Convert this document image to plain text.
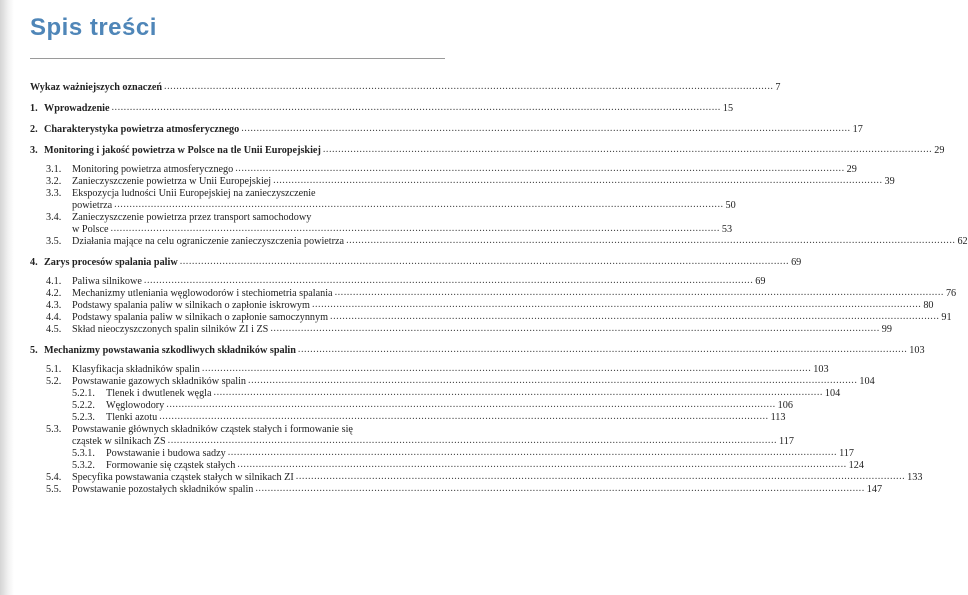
Spis treści
Wykaz ważniejszych oznaczeń .....	7
1. Wprowadzenie .....	15
2. Charakterystyka powietrza atmosferycznego .....	17
3. Monitoring i jakość powietrza w Polsce na tle Unii Europejskiej .....	29
3.1.	Monitoring powietrza atmosferycznego .....	29
3.2.	Zanieczyszczenie powietrza w Unii Europejskiej .....	39
3.3.	Ekspozycja ludności Unii Europejskiej na zanieczyszczenie
powietrza .....	50
3.4.	Zanieczyszczenie powietrza przez transport samochodowy
w Polsce .....	53
3.5.	Działania mające na celu ograniczenie zanieczyszczenia powietrza .....	62
4. Zarys procesów spalania paliw .....	69
4.1.	Paliwa silnikowe .....	69
4.2.	Mechanizmy utleniania węglowodorów i stechiometria spalania .....	76
4.3.	Podstawy spalania paliw w silnikach o zapłonie iskrowym .....	80
4.4.	Podstawy spalania paliw w silnikach o zapłonie samoczynnym .....	91
4.5.	Skład nieoczyszczonych spalin silników ZI i ZS .....	99
5. Mechanizmy powstawania szkodliwych składników spalin .....	103
5.1.	Klasyfikacja składników spalin .....	103
5.2.	Powstawanie gazowych składników spalin .....	104
5.2.1.	Tlenek i dwutlenek węgla .....	104
5.2.2.	Węglowodory .....	106
5.2.3.	Tlenki azotu .....	113
5.3.	Powstawanie głównych składników cząstek stałych i formowanie się
cząstek w silnikach ZS .....	117
5.3.1.	Powstawanie i budowa sadzy .....	117
5.3.2.	Formowanie się cząstek stałych .....	124
5.4.	Specyfika powstawania cząstek stałych w silnikach ZI .....	133
5.5.	Powstawanie pozostałych składników spalin .....	147
